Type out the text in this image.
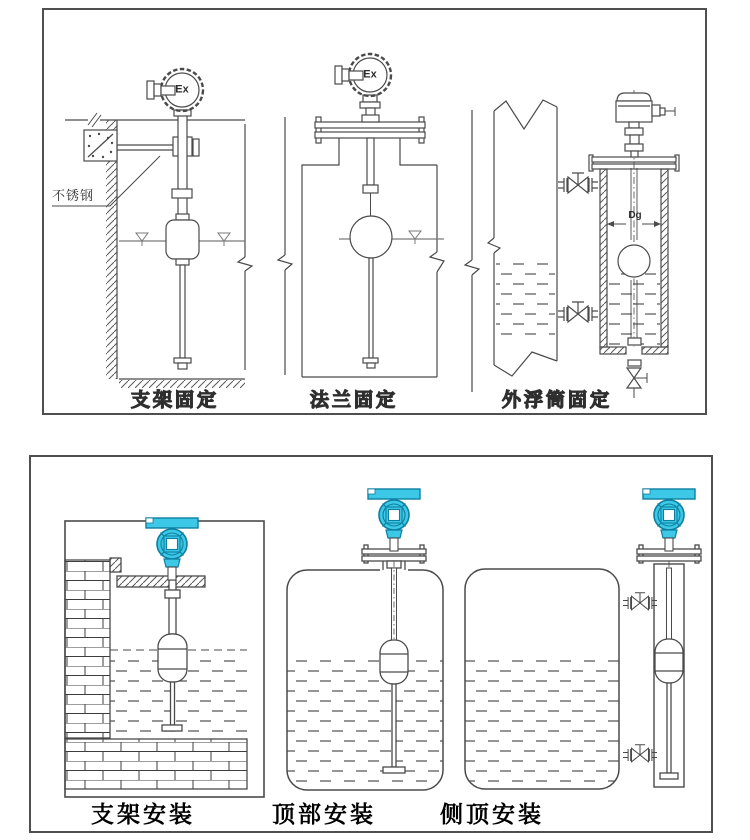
Ex
Ex
不锈钢
Dg
支架固定	法兰固定	外浮筒固定
支架安装	顶部安装	侧顶安装
